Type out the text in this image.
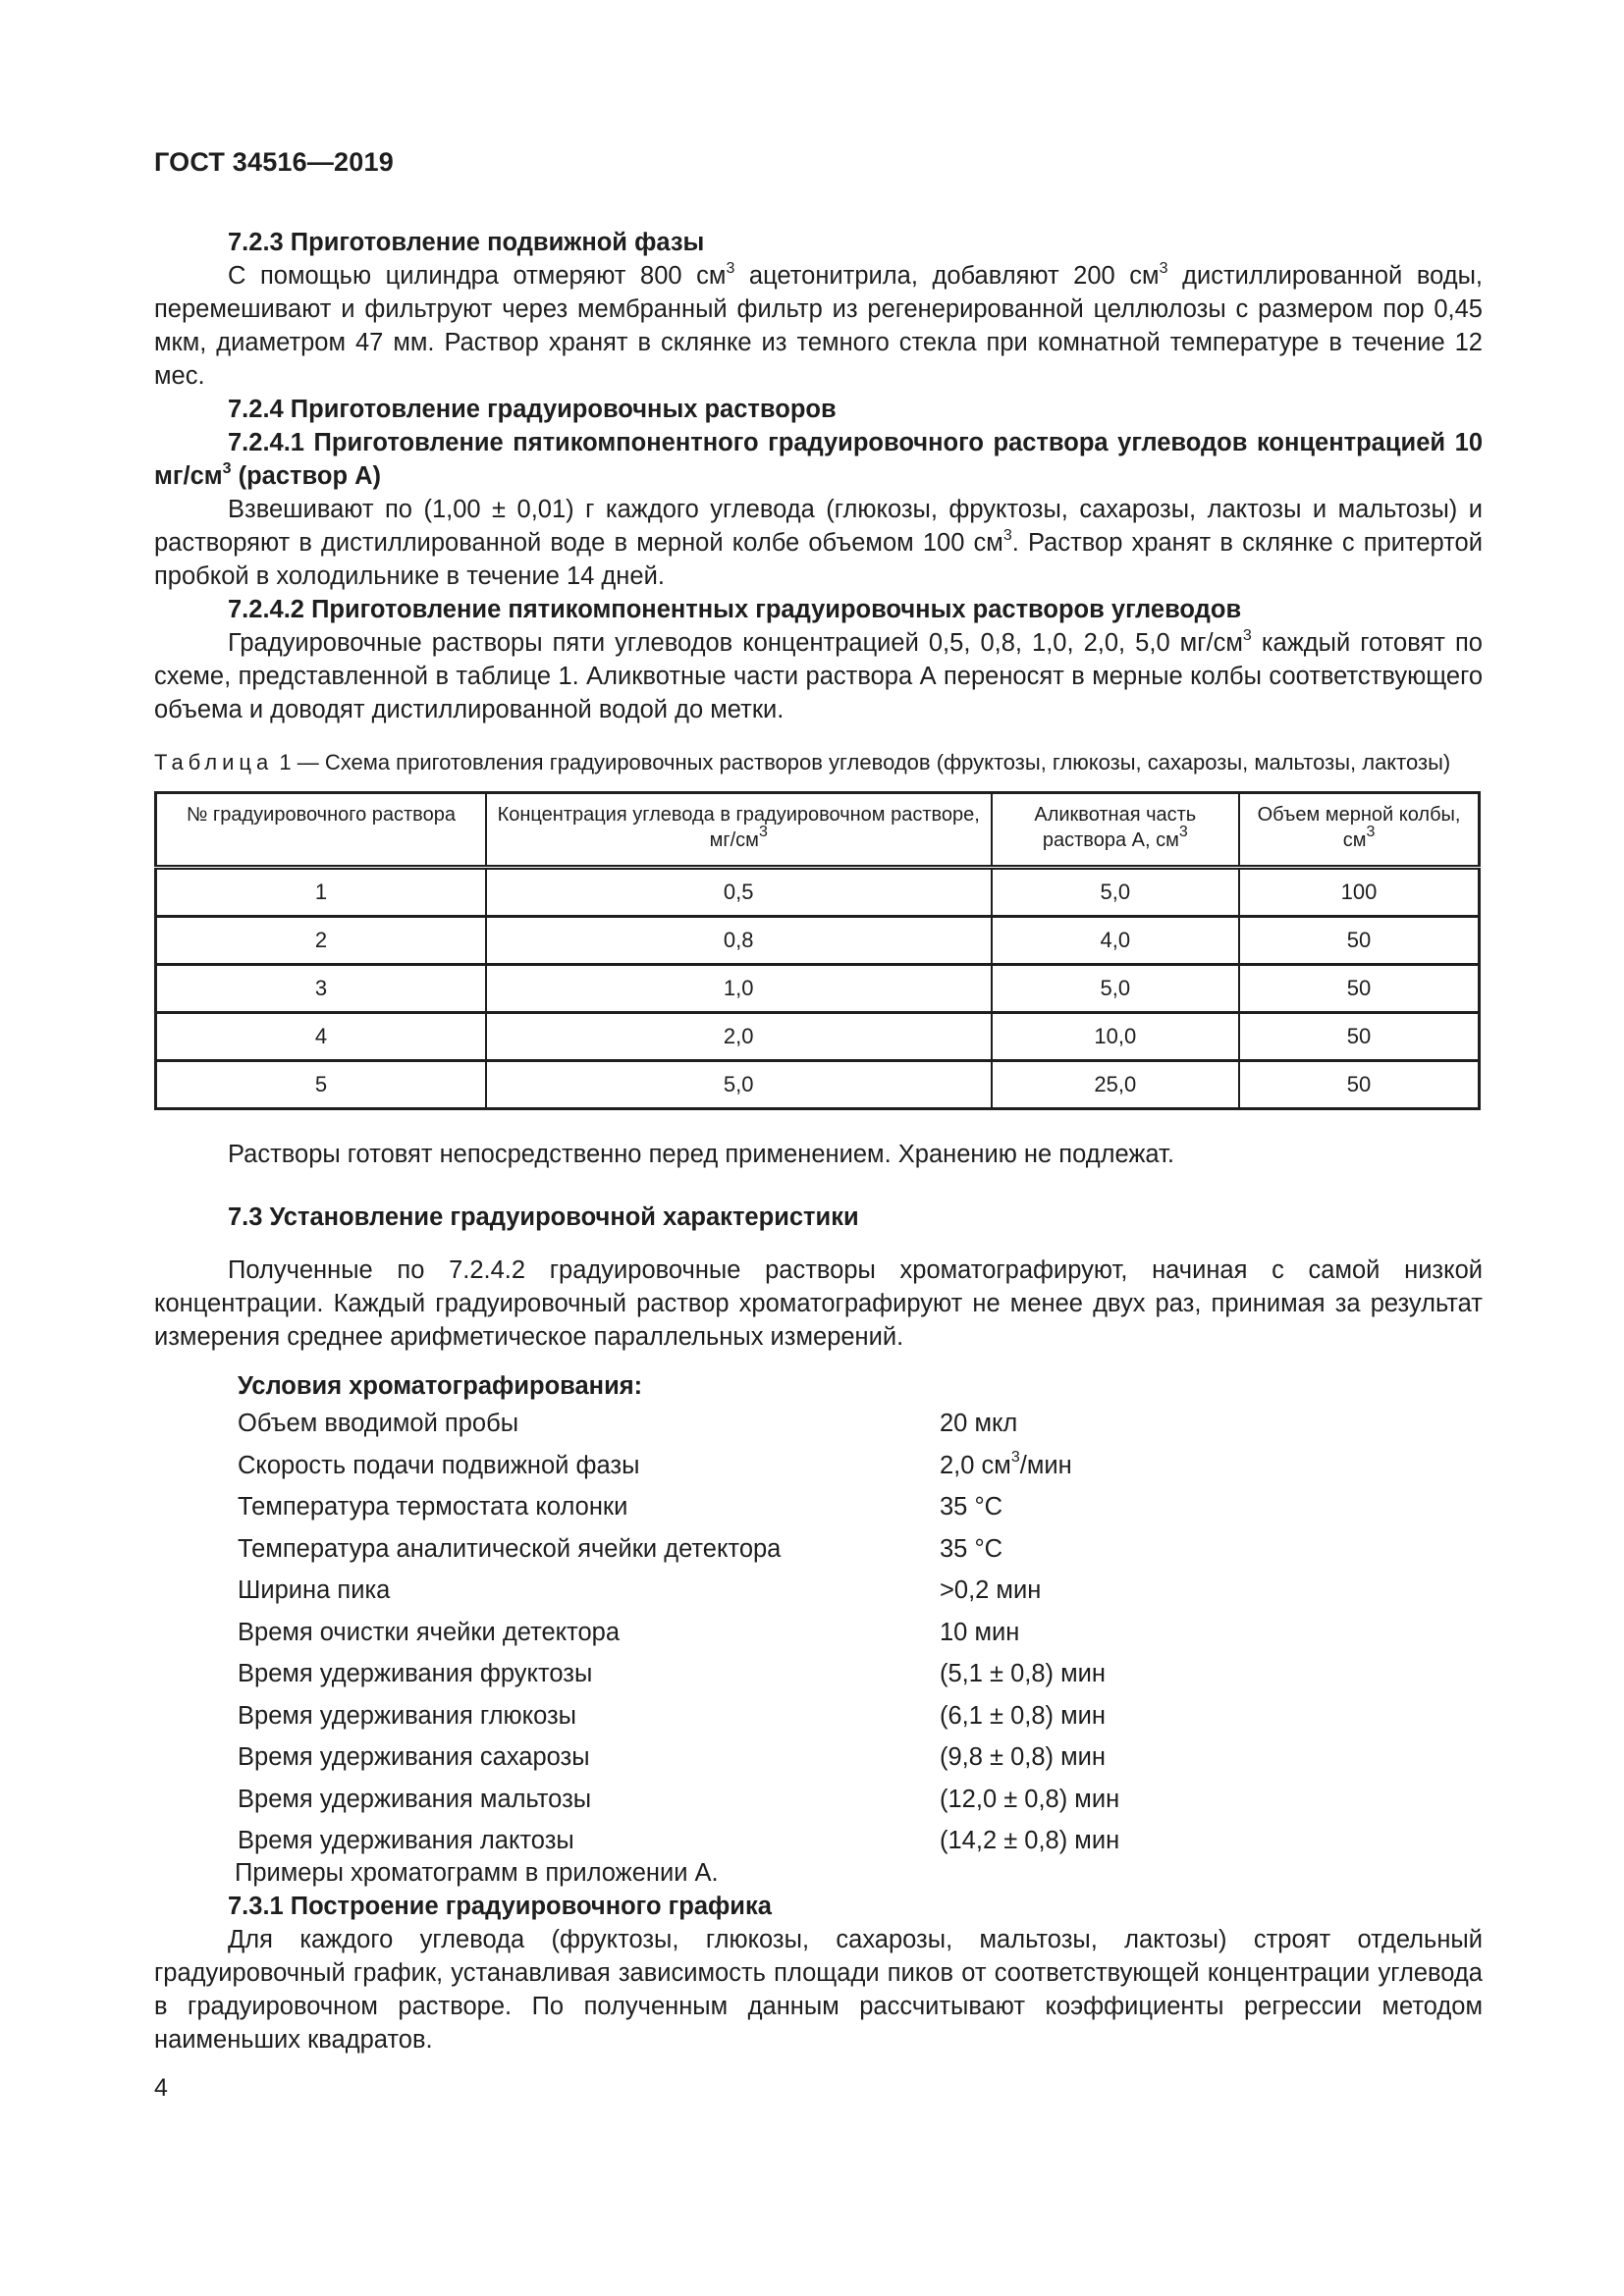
ГОСТ 34516—2019

7.2.3 Приготовление подвижной фазы

С помощью цилиндра отмеряют 800 $см^3$ ацетонитрила, добавляют 200 $см^3$ дистиллированной воды, перемешивают и фильтруют через мембранный фильтр из регенерированной целлюлозы с размером пор 0,45 мкм, диаметром 47 мм. Раствор хранят в склянке из темного стекла при комнатной температуре в течение 12 мес.

7.2.4 Приготовление градуировочных растворов

7.2.4.1 Приготовление пятикомпонентного градуировочного раствора углеводов концентрацией 10 $мг/см^3$ (раствор А)

Взвешивают по (1,00 ± 0,01) г каждого углевода (глюкозы, фруктозы, сахарозы, лактозы и мальтозы) и растворяют в дистиллированной воде в мерной колбе объемом 100 $см^3$. Раствор хранят в склянке с притертой пробкой в холодильнике в течение 14 дней.

7.2.4.2 Приготовление пятикомпонентных градуировочных растворов углеводов

Градуировочные растворы пяти углеводов концентрацией 0,5, 0,8, 1,0, 2,0, 5,0 $мг/см^3$ каждый готовят по схеме, представленной в таблице 1. Аликвотные части раствора А переносят в мерные колбы соответствующего объема и доводят дистиллированной водой до метки.

Таблица 1 — Схема приготовления градуировочных растворов углеводов (фруктозы, глюкозы, сахарозы, мальтозы, лактозы)

№ градуировочного раствора	Концентрация углевода в градуировочном растворе, $мг/см^3$	Аликвотная часть раствора А, $см^3$	Объем мерной колбы, $см^3$
1	0,5	5,0	100
2	0,8	4,0	50
3	1,0	5,0	50
4	2,0	10,0	50
5	5,0	25,0	50

Растворы готовят непосредственно перед применением. Хранению не подлежат.

7.3 Установление градуировочной характеристики

Полученные по 7.2.4.2 градуировочные растворы хроматографируют, начиная с самой низкой концентрации. Каждый градуировочный раствор хроматографируют не менее двух раз, принимая за результат измерения среднее арифметическое параллельных измерений.

Условия хроматографирования:

Объем вводимой пробы	20 мкл
Скорость подачи подвижной фазы	2,0 $см^3$/мин
Температура термостата колонки	35 °С
Температура аналитической ячейки детектора	35 °С
Ширина пика	>0,2 мин
Время очистки ячейки детектора	10 мин
Время удерживания фруктозы	(5,1 ± 0,8) мин
Время удерживания глюкозы	(6,1 ± 0,8) мин
Время удерживания сахарозы	(9,8 ± 0,8) мин
Время удерживания мальтозы	(12,0 ± 0,8) мин
Время удерживания лактозы	(14,2 ± 0,8) мин

Примеры хроматограмм в приложении А.

7.3.1 Построение градуировочного графика

Для каждого углевода (фруктозы, глюкозы, сахарозы, мальтозы, лактозы) строят отдельный градуировочный график, устанавливая зависимость площади пиков от соответствующей концентрации углевода в градуировочном растворе. По полученным данным рассчитывают коэффициенты регрессии методом наименьших квадратов.

4
